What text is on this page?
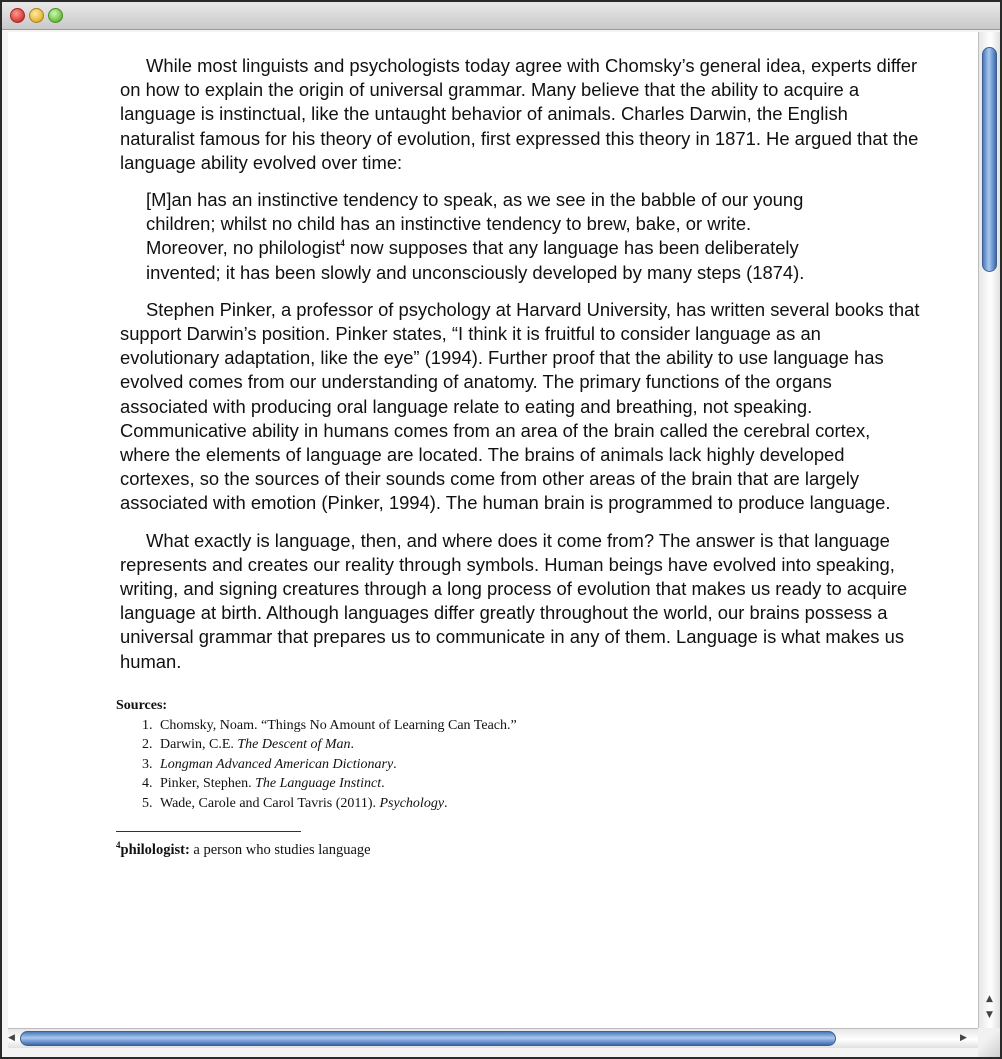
While most linguists and psychologists today agree with Chomsky’s general idea, experts differ on how to explain the origin of universal grammar. Many believe that the ability to acquire a language is instinctual, like the untaught behavior of animals. Charles Darwin, the English naturalist famous for his theory of evolution, first expressed this theory in 1871. He argued that the language ability evolved over time:

[M]an has an instinctive tendency to speak, as we see in the babble of our young children; whilst no child has an instinctive tendency to brew, bake, or write. Moreover, no philologist$^4$ now supposes that any language has been deliberately invented; it has been slowly and unconsciously developed by many steps (1874).

Stephen Pinker, a professor of psychology at Harvard University, has written several books that support Darwin’s position. Pinker states, “I think it is fruitful to consider language as an evolutionary adaptation, like the eye” (1994). Further proof that the ability to use language has evolved comes from our understanding of anatomy. The primary functions of the organs associated with producing oral language relate to eating and breathing, not speaking. Communicative ability in humans comes from an area of the brain called the cerebral cortex, where the elements of language are located. The brains of animals lack highly developed cortexes, so the sources of their sounds come from other areas of the brain that are largely associated with emotion (Pinker, 1994). The human brain is programmed to produce language.

What exactly is language, then, and where does it come from? The answer is that language represents and creates our reality through symbols. Human beings have evolved into speaking, writing, and signing creatures through a long process of evolution that makes us ready to acquire language at birth. Although languages differ greatly throughout the world, our brains possess a universal grammar that prepares us to communicate in any of them. Language is what makes us human.

Sources:
1. Chomsky, Noam. “Things No Amount of Learning Can Teach.”
2. Darwin, C.E. The Descent of Man.
3. Longman Advanced American Dictionary.
4. Pinker, Stephen. The Language Instinct.
5. Wade, Carole and Carol Tavris (2011). Psychology.
$^4$philologist: a person who studies language
▲
▼
◀	▶
